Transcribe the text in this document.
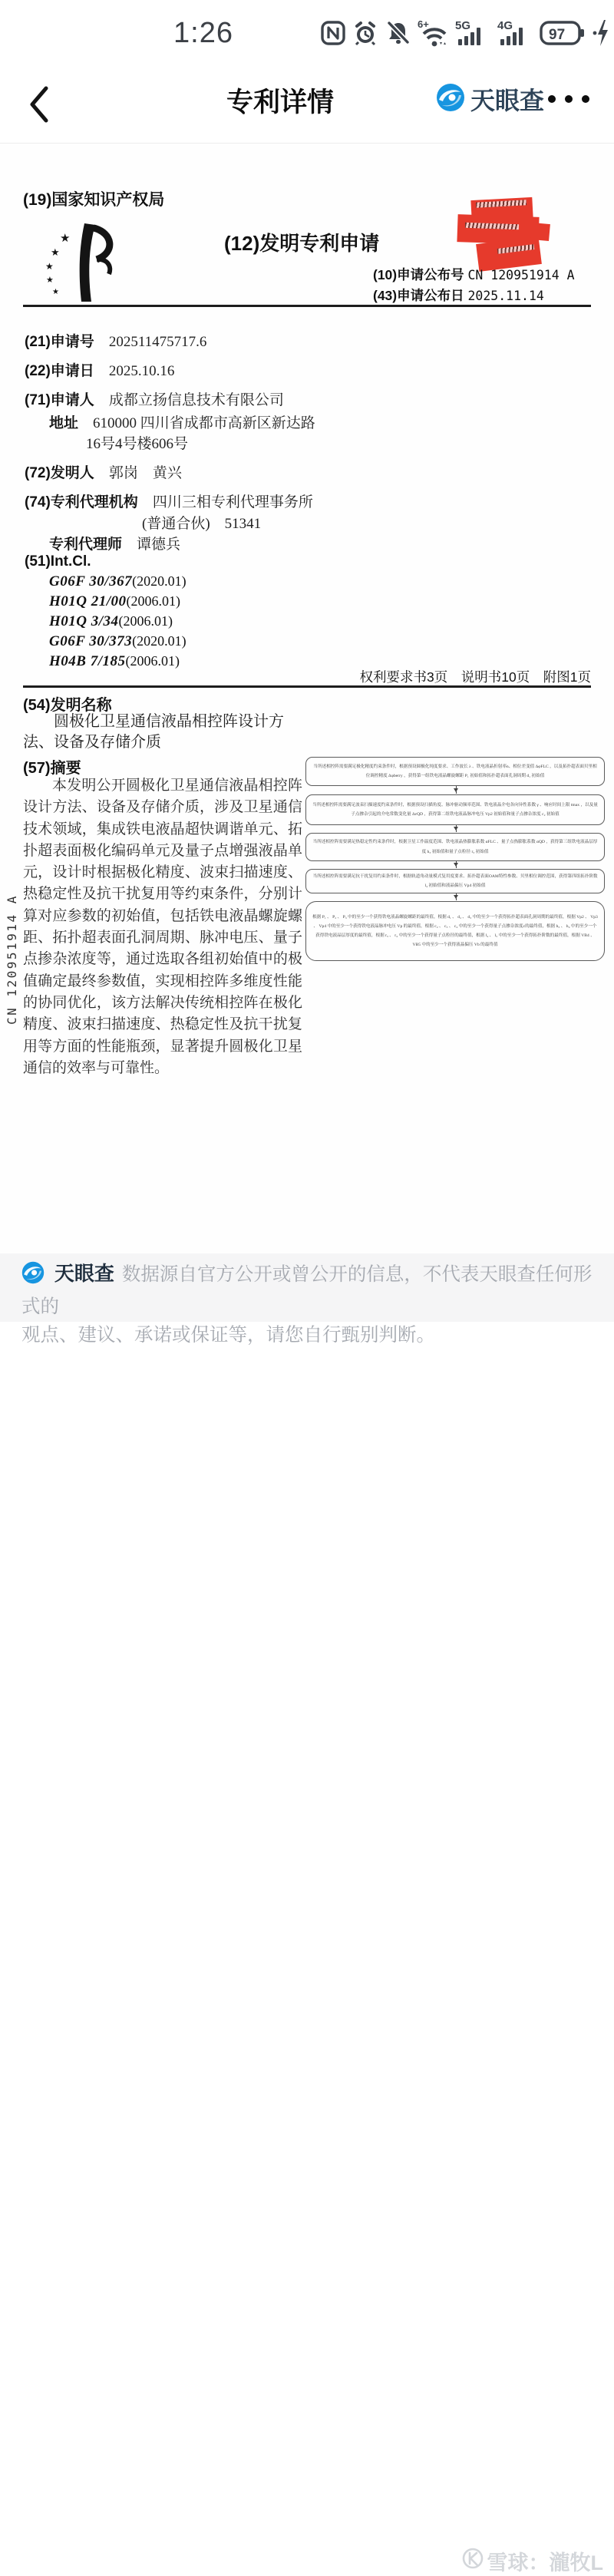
1:26	6+ 5G 4G
97
专利详情	天眼查
(19)国家知识产权局
★
★
★
★
★
(12)发明专利申请
(10)申请公布号 CN 120951914 A
(43)申请公布日 2025.11.14
(21)申请号　 202511475717.6
(22)申请日　 2025.10.16
(71)申请人　 成都立扬信息技术有限公司
地址　 610000 四川省成都市高新区新达路
16号4号楼606号
(72)发明人　 郭岗　黄兴
(74)专利代理机构　 四川三相专利代理事务所
(普通合伙)　51341
专利代理师　 谭德兵
(51)Int.Cl.
G06F 30/367(2020.01)
H01Q 21/00(2006.01)
H01Q 3/34(2006.01)
G06F 30/373(2020.01)
H04B 7/185(2006.01)
权利要求书3页　说明书10页　附图1页
(54)发明名称
圆极化卫星通信液晶相控阵设计方法、设备及存储介质
(57)摘要
本发明公开圆极化卫星通信液晶相控阵设计方法、设备及存储介质，涉及卫星通信技术领域，集成铁电液晶超快调谐单元、拓扑超表面极化编码单元及量子点增强液晶单元，设计时根据极化精度、波束扫描速度、热稳定性及抗干扰复用等约束条件，分别计算对应参数的初始值，包括铁电液晶螺旋螺距、拓扑超表面孔洞周期、脉冲电压、量子点掺杂浓度等，通过选取各组初始值中的极值确定最终参数值，实现相控阵多维度性能的协同优化，该方法解决传统相控阵在极化精度、波束扫描速度、热稳定性及抗干扰复用等方面的性能瓶颈，显著提升圆极化卫星通信的效率与可靠性。
CN 120951914 A
当所述相控阵需要满足极化精度约束条件时，根据预设圆极化纯度要求、工作波长 λ 、铁电液晶折射率n、相位差变值 ΔφFLC ，以及拓扑超表面贝里相位调控精度 Δφberry ，获得第一组铁电液晶螺旋螺距 P₁ 初始值和拓扑超表面孔洞周期 d₁ 初始值
当所述相控阵需要满足波束扫描速度约束条件时，根据预设扫描角度、脉冲驱动频率范围、铁电液晶介电各向异性系数 γ 、响应时间上限 tmax ，以及量子点掺杂引起的介电常数变化量 ΔεQD ，获得第二组铁电液晶脉冲电压 Vp2 初始值和量子点掺杂浓度 c₂ 初始值
当所述相控阵需要满足热稳定性约束条件时，根据卫星工作温度范围、铁电液晶热膨胀系数 αFLC 、量子点热膨胀系数 αQD ，获得第三组铁电液晶层厚度 h₃ 初始值和量子点粒径 r₃ 初始值
当所述相控阵需要满足抗干扰复用约束条件时，根据轨道角动量模式复用度要求、拓扑超表面OAM特性参数、贝里相位调控范围，获得第四组拓扑阶数 l₄ 初始值和液晶偏压 Vp4 初始值
根据 P₁ 、 P₂ 、 P₃ 中的至少一个获得铁电液晶螺旋螺距的最终值，根据 d₁ 、 d₂ 、 d₃ 中的至少一个获得拓扑超表面孔洞周期的最终值，根据 Vp2 、 Vp3 、 Vp4 中的至少一个获得铁电液晶脉冲电压 Vp 的最终值，根据 c₂ 、 c₃ 、 c₄ 中的至少一个获得量子点掺杂浓度c的最终值，根据 h₃ 、 h₄ 中的至少一个获得铁电液晶层厚度的最终值，根据 r₃ 、 r₄ 中的至少一个获得量子点粒径的最终值，根据 l₄ 、 l₅ 中的至少一个获得拓扑阶数的最终值，根据 VB4 、 VB5 中的至少一个获得液晶偏压 Vb 的最终值
天眼查 数据源自官方公开或曾公开的信息，不代表天眼查任何形式的
观点、建议、承诺或保证等，请您自行甄别判断。
雪球：瀧牧L
